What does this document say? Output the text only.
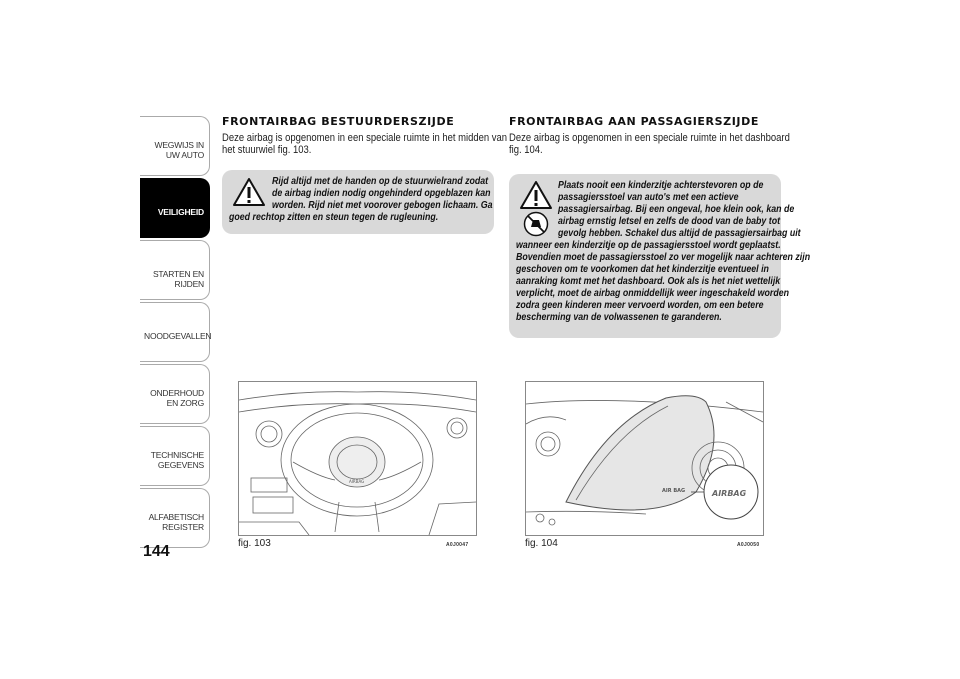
WEGWIJS IN UW AUTO
VEILIGHEID
STARTEN EN RIJDEN
NOODGEVALLEN
ONDERHOUD EN ZORG
TECHNISCHE GEGEVENS
ALFABETISCH REGISTER
144
FRONTAIRBAG BESTUURDERSZIJDE
Deze airbag is opgenomen in een speciale ruimte in het midden van
het stuurwiel fig. 103.
Rijd altijd met de handen op de stuurwielrand zodat
de airbag indien nodig ongehinderd opgeblazen kan
worden. Rijd niet met voorover gebogen lichaam. Ga
goed rechtop zitten en steun tegen de rugleuning.
AIRBAG
fig. 103	A0J0047
FRONTAIRBAG AAN PASSAGIERSZIJDE
Deze airbag is opgenomen in een speciale ruimte in het dashboard
fig. 104.
Plaats nooit een kinderzitje achterstevoren op de
passagiersstoel van auto's met een actieve
passagiersairbag. Bij een ongeval, hoe klein ook, kan de
airbag ernstig letsel en zelfs de dood van de baby tot
gevolg hebben. Schakel dus altijd de passagiersairbag uit
wanneer een kinderzitje op de passagiersstoel wordt geplaatst.
Bovendien moet de passagiersstoel zo ver mogelijk naar achteren zijn
geschoven om te voorkomen dat het kinderzitje eventueel in
aanraking komt met het dashboard. Ook als is het niet wettelijk
verplicht, moet de airbag onmiddellijk weer ingeschakeld worden
zodra geen kinderen meer vervoerd worden, om een betere
bescherming van de volwassenen te garanderen.
AIR BAG	AIRBAG
fig. 104	A0J0050
